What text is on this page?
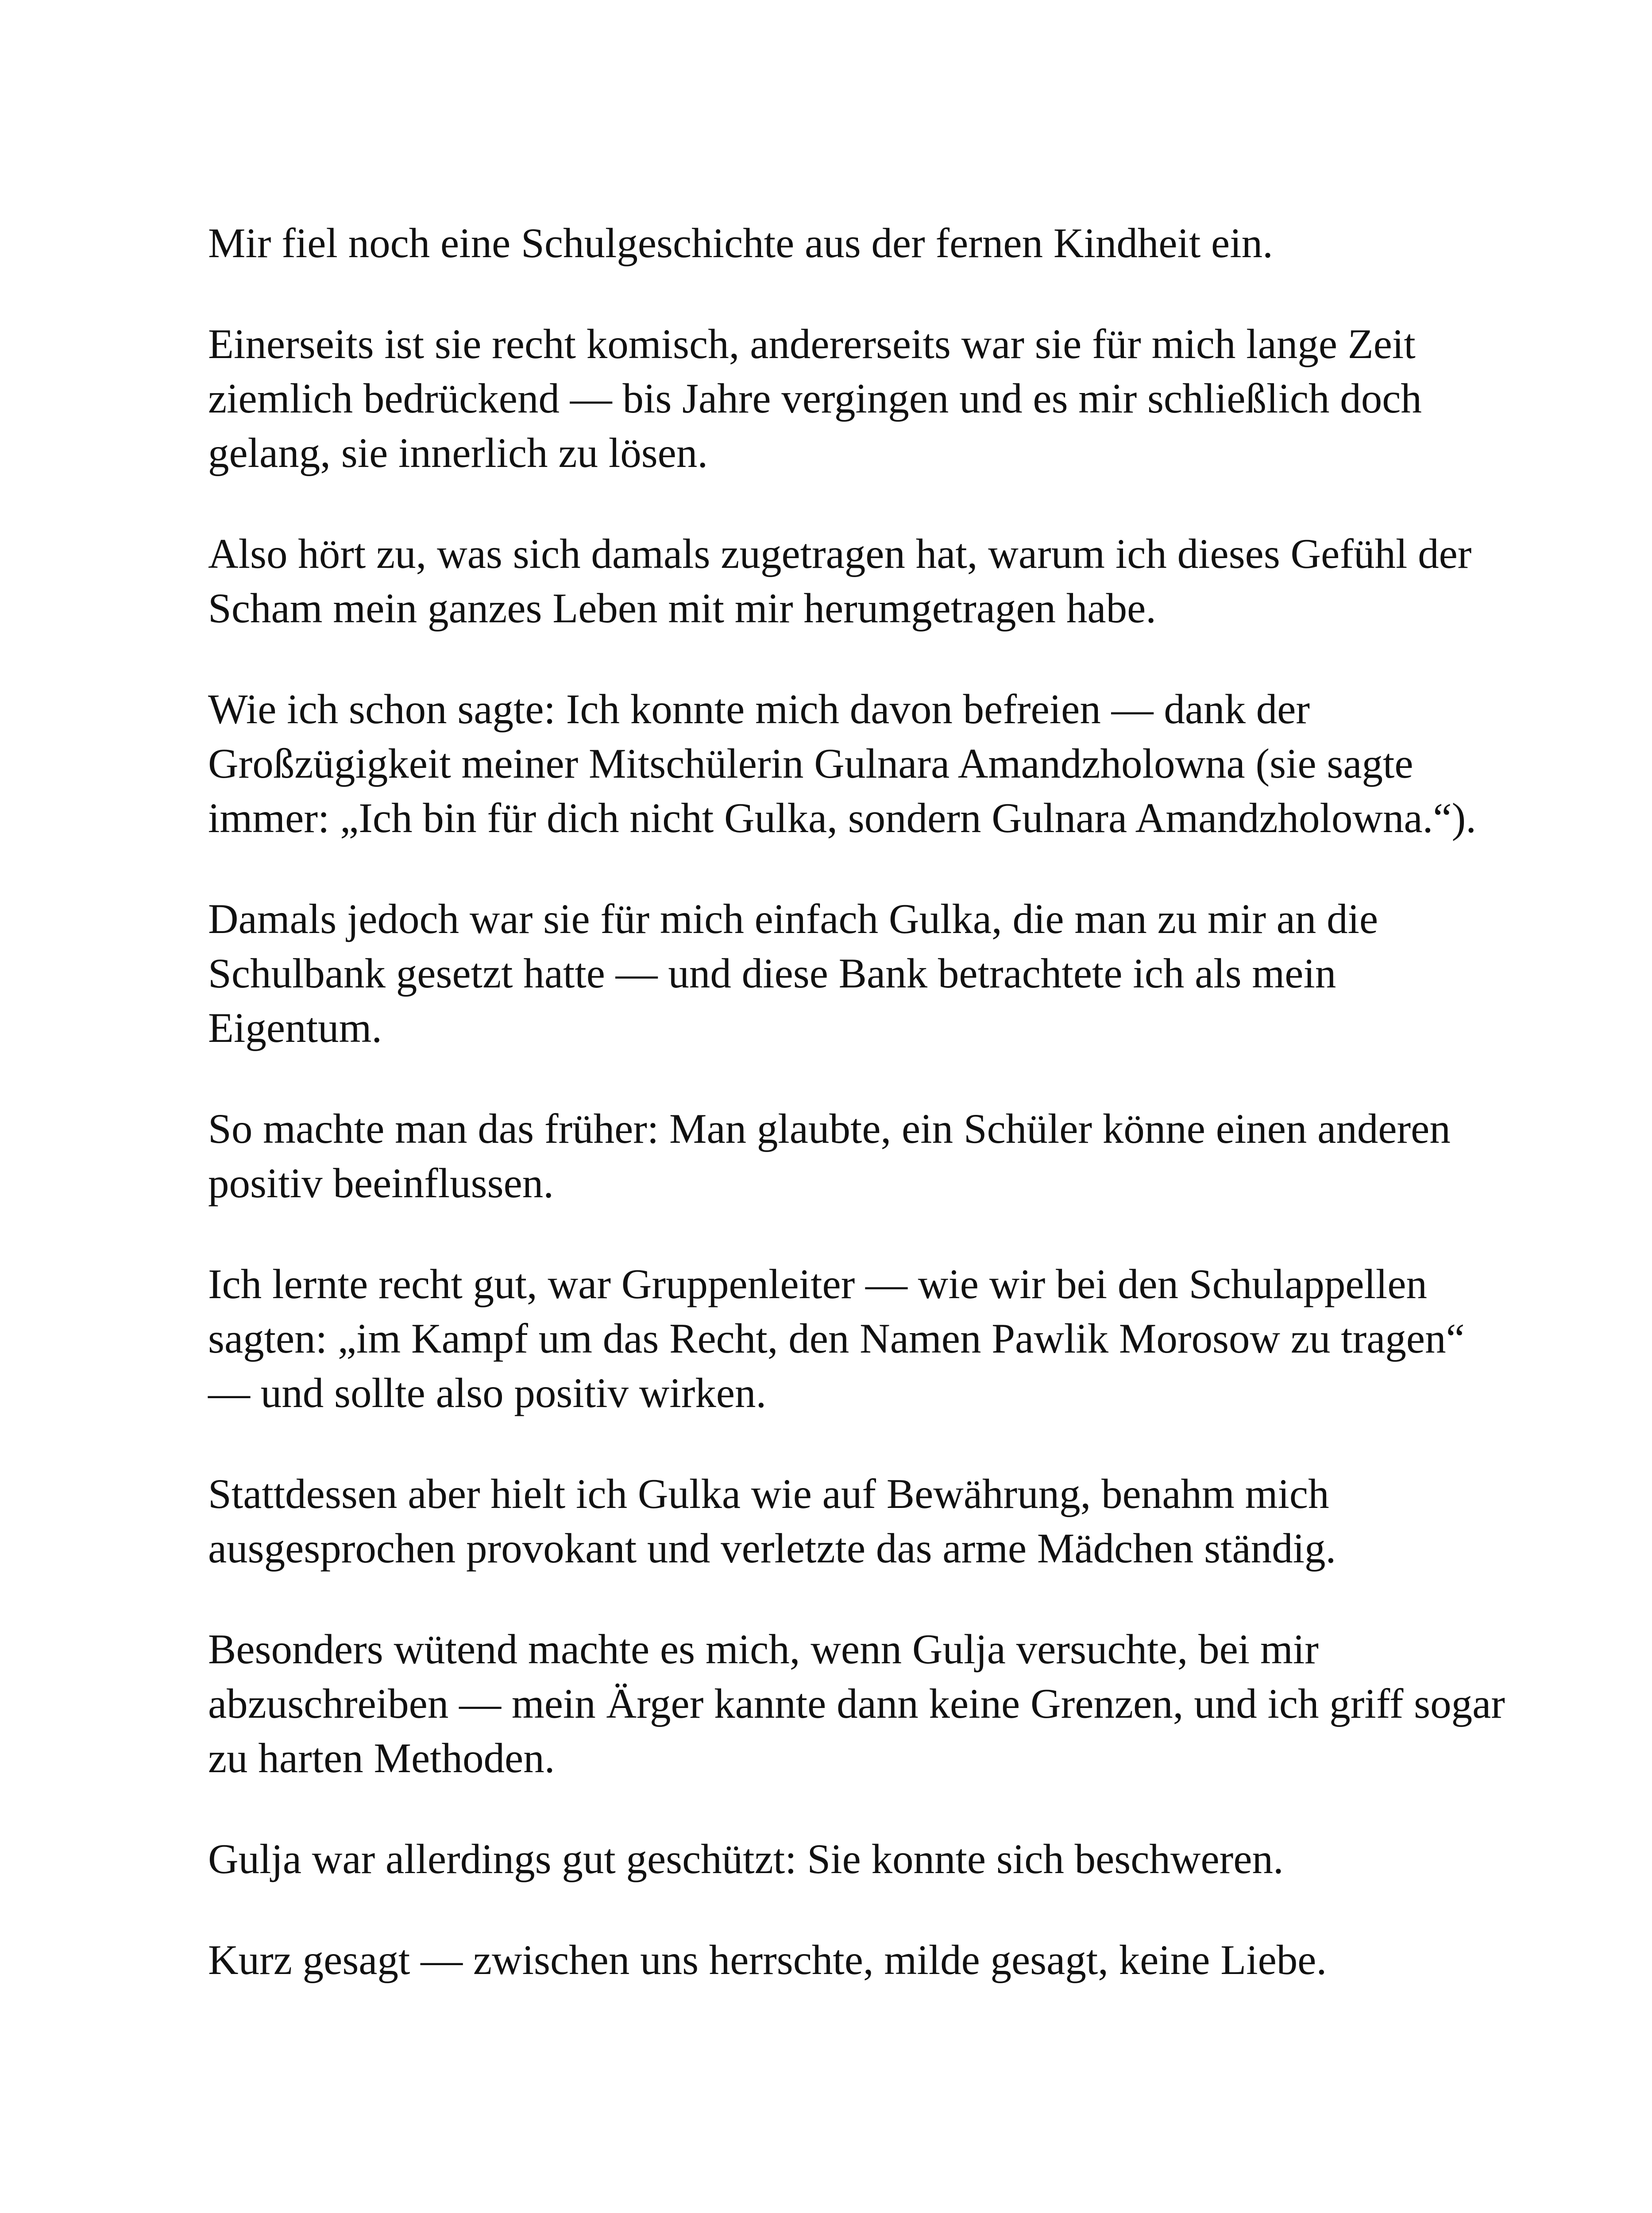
Mir fiel noch eine Schulgeschichte aus der fernen Kindheit ein.

Einerseits ist sie recht komisch, andererseits war sie für mich lange Zeit ziemlich bedrückend — bis Jahre vergingen und es mir schließlich doch gelang, sie innerlich zu lösen.

Also hört zu, was sich damals zugetragen hat, warum ich dieses Gefühl der Scham mein ganzes Leben mit mir herumgetragen habe.

Wie ich schon sagte: Ich konnte mich davon befreien — dank der Großzügigkeit meiner Mitschülerin Gulnara Amandzholowna (sie sagte immer: „Ich bin für dich nicht Gulka, sondern Gulnara Amandzholowna.“).

Damals jedoch war sie für mich einfach Gulka, die man zu mir an die Schulbank gesetzt hatte — und diese Bank betrachtete ich als mein Eigentum.

So machte man das früher: Man glaubte, ein Schüler könne einen anderen positiv beeinflussen.

Ich lernte recht gut, war Gruppenleiter — wie wir bei den Schulappellen sagten: „im Kampf um das Recht, den Namen Pawlik Morosow zu tragen“ — und sollte also positiv wirken.

Stattdessen aber hielt ich Gulka wie auf Bewährung, benahm mich ausgesprochen provokant und verletzte das arme Mädchen ständig.

Besonders wütend machte es mich, wenn Gulja versuchte, bei mir abzuschreiben — mein Ärger kannte dann keine Grenzen, und ich griff sogar zu harten Methoden.

Gulja war allerdings gut geschützt: Sie konnte sich beschweren.

Kurz gesagt — zwischen uns herrschte, milde gesagt, keine Liebe.
